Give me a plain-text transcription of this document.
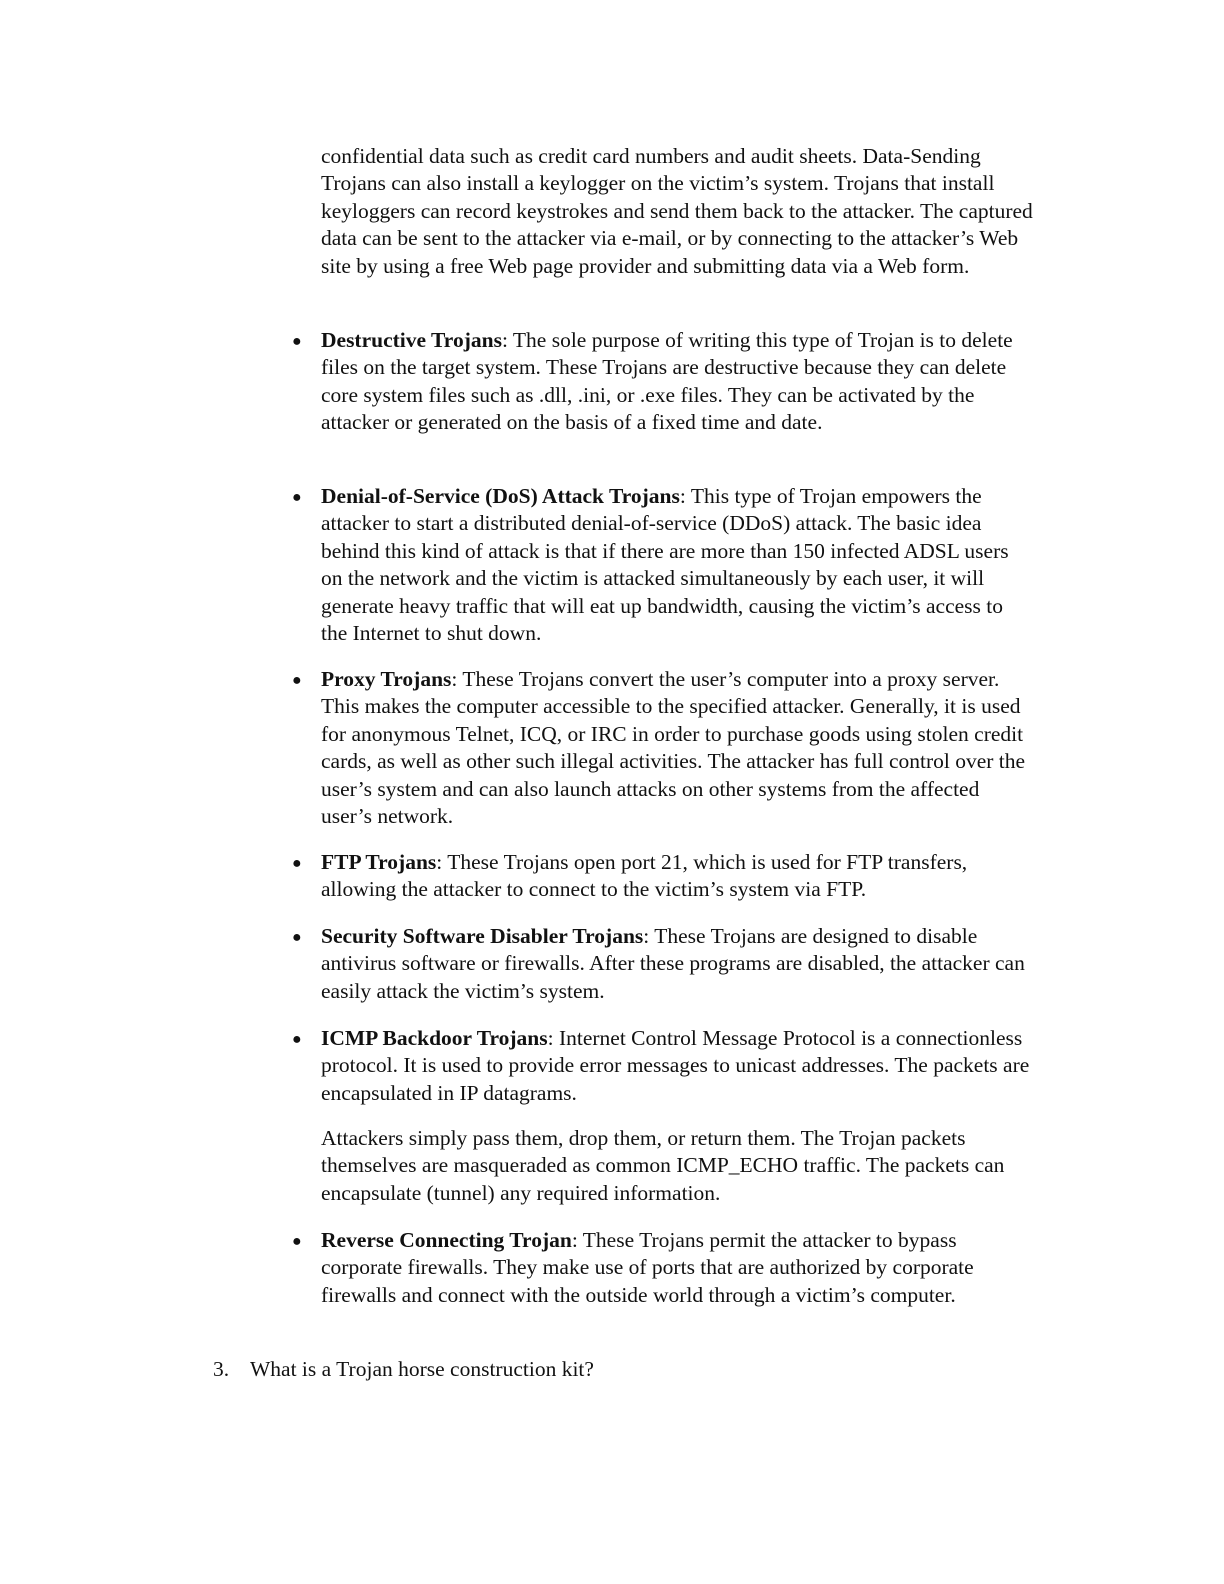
confidential data such as credit card numbers and audit sheets. Data-Sending Trojans can also install a keylogger on the victim’s system. Trojans that install keyloggers can record keystrokes and send them back to the attacker. The captured data can be sent to the attacker via e-mail, or by connecting to the attacker’s Web site by using a free Web page provider and submitting data via a Web form.

● Destructive Trojans: The sole purpose of writing this type of Trojan is to delete files on the target system. These Trojans are destructive because they can delete core system files such as .dll, .ini, or .exe files. They can be activated by the attacker or generated on the basis of a fixed time and date.

● Denial-of-Service (DoS) Attack Trojans: This type of Trojan empowers the attacker to start a distributed denial-of-service (DDoS) attack. The basic idea behind this kind of attack is that if there are more than 150 infected ADSL users on the network and the victim is attacked simultaneously by each user, it will generate heavy traffic that will eat up bandwidth, causing the victim’s access to the Internet to shut down.

● Proxy Trojans: These Trojans convert the user’s computer into a proxy server. This makes the computer accessible to the specified attacker. Generally, it is used for anonymous Telnet, ICQ, or IRC in order to purchase goods using stolen credit cards, as well as other such illegal activities. The attacker has full control over the user’s system and can also launch attacks on other systems from the affected user’s network.

● FTP Trojans: These Trojans open port 21, which is used for FTP transfers, allowing the attacker to connect to the victim’s system via FTP.

● Security Software Disabler Trojans: These Trojans are designed to disable antivirus software or firewalls. After these programs are disabled, the attacker can easily attack the victim’s system.

● ICMP Backdoor Trojans: Internet Control Message Protocol is a connectionless protocol. It is used to provide error messages to unicast addresses. The packets are encapsulated in IP datagrams.

Attackers simply pass them, drop them, or return them. The Trojan packets themselves are masqueraded as common ICMP_ECHO traffic. The packets can encapsulate (tunnel) any required information.

● Reverse Connecting Trojan: These Trojans permit the attacker to bypass corporate firewalls. They make use of ports that are authorized by corporate firewalls and connect with the outside world through a victim’s computer.

3. What is a Trojan horse construction kit?
